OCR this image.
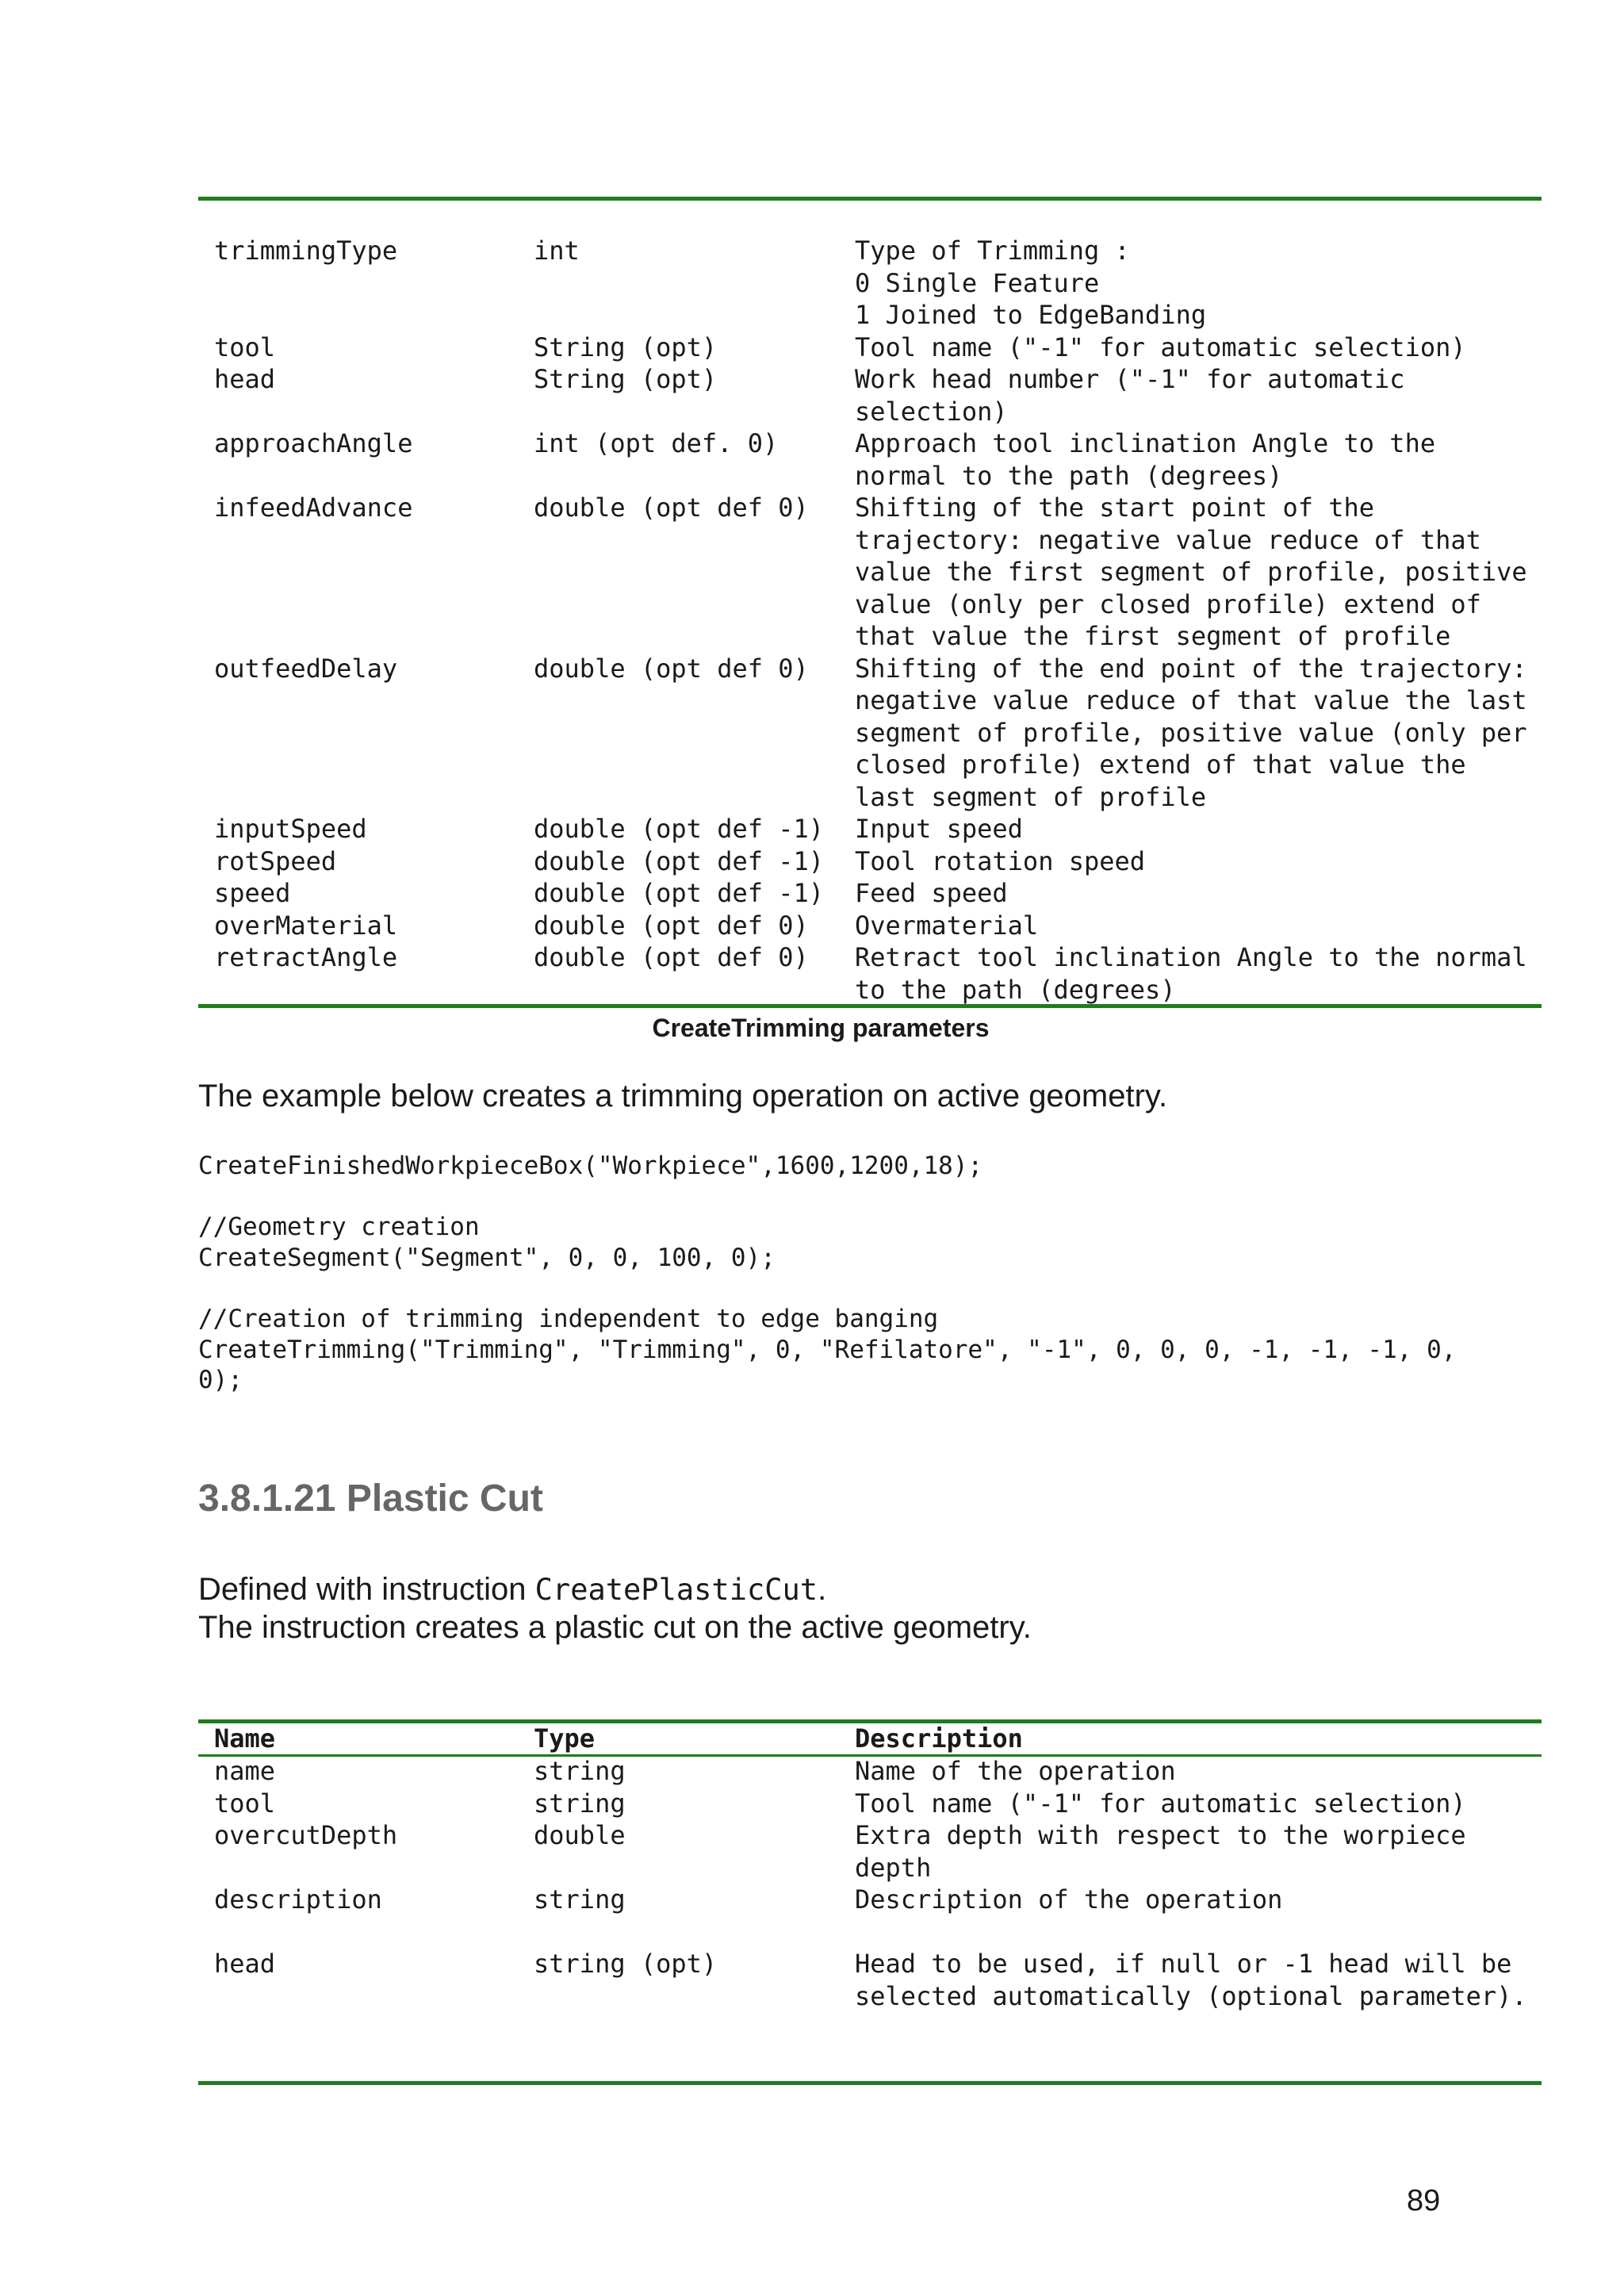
trimmingType	int	Type of Trimming :
0 Single Feature
1 Joined to EdgeBanding
tool	String (opt)	Tool name ("-1" for automatic selection)
head	String (opt)	Work head number ("-1" for automatic
selection)
approachAngle	int (opt def. 0)	Approach tool inclination Angle to the
normal to the path (degrees)
infeedAdvance	double (opt def 0)	Shifting of the start point of the
trajectory: negative value reduce of that
value the first segment of profile, positive
value (only per closed profile) extend of
that value the first segment of profile
outfeedDelay	double (opt def 0)	Shifting of the end point of the trajectory:
negative value reduce of that value the last
segment of profile, positive value (only per
closed profile) extend of that value the
last segment of profile
inputSpeed	double (opt def -1)	Input speed
rotSpeed	double (opt def -1)	Tool rotation speed
speed	double (opt def -1)	Feed speed
overMaterial	double (opt def 0)	Overmaterial
retractAngle	double (opt def 0)	Retract tool inclination Angle to the normal
to the path (degrees)
CreateTrimming parameters
The example below creates a trimming operation on active geometry.
CreateFinishedWorkpieceBox("Workpiece",1600,1200,18);

//Geometry creation
CreateSegment("Segment", 0, 0, 100, 0);

//Creation of trimming independent to edge banging
CreateTrimming("Trimming", "Trimming", 0, "Refilatore", "-1", 0, 0, 0, -1, -1, -1, 0,
0);
3.8.1.21 Plastic Cut
Defined with instruction CreatePlasticCut.
The instruction creates a plastic cut on the active geometry.
Name	Type	Description
name	string	Name of the operation
tool	string	Tool name ("-1" for automatic selection)
overcutDepth	double	Extra depth with respect to the worpiece
depth
description	string	Description of the operation

head	string (opt)	Head to be used, if null or -1 head will be
selected automatically (optional parameter).
89
